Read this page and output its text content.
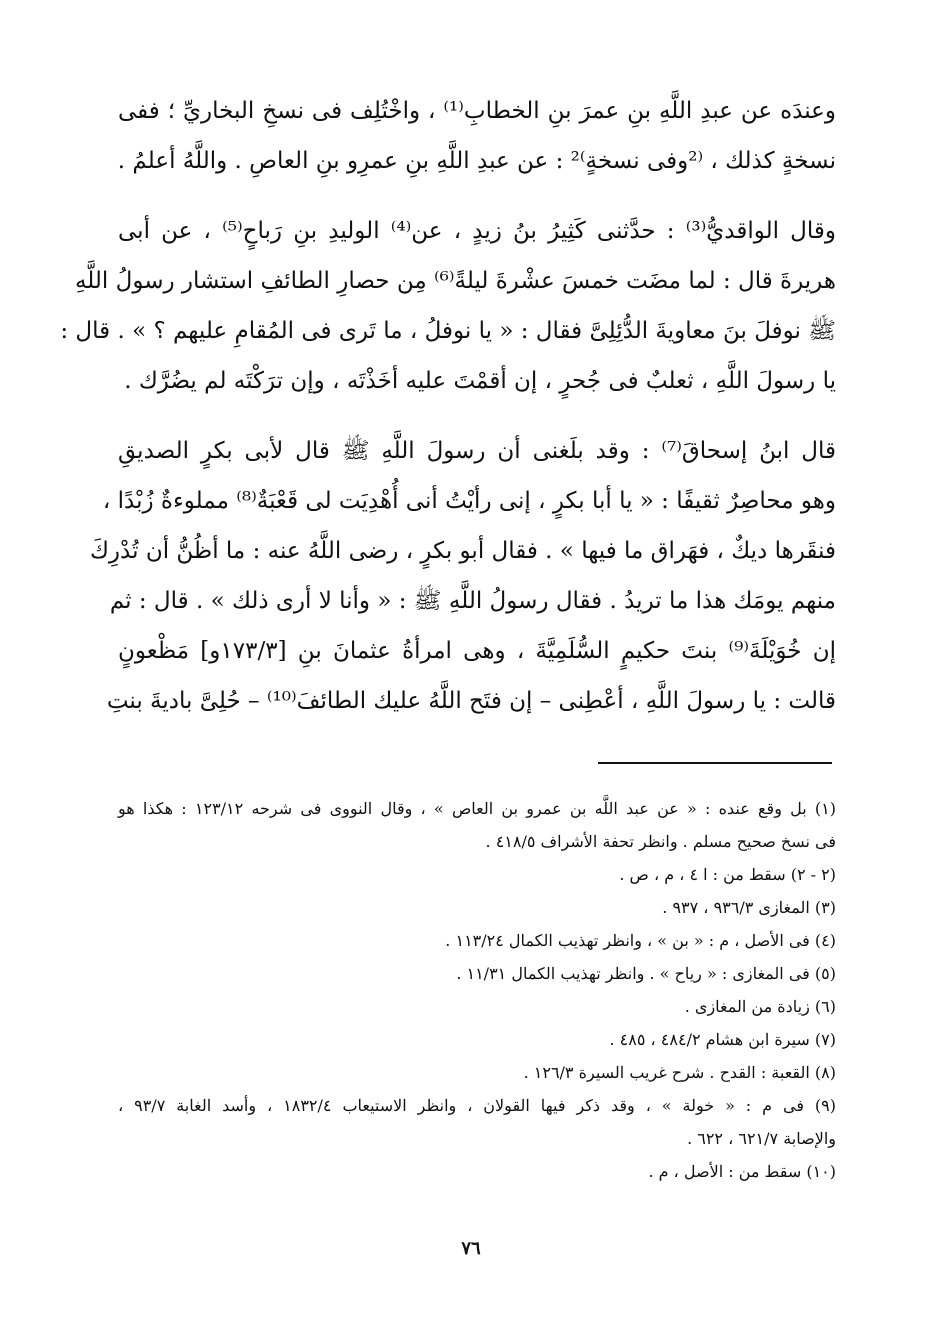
وعندَه عن عبدِ اللَّهِ بنِ عمرَ بنِ الخطابِ⁽¹⁾ ، واخْتُلِف فى نسخِ البخاريِّ ؛ ففى
نسخةٍ كذلك ، ⁽²وفى نسخةٍ⁾² : عن عبدِ اللَّهِ بنِ عمرِو بنِ العاصِ . واللَّهُ أعلمُ .
وقال الواقديُّ⁽³⁾ : حدَّثنى كَثِيرُ بنُ زيدٍ ، عن⁽⁴⁾ الوليدِ بنِ رَباحٍ⁽⁵⁾ ، عن أبى
هريرةَ قال : لما مضَت خمسَ عشْرةَ ليلةً⁽⁶⁾ مِن حصارِ الطائفِ استشار رسولُ اللَّهِ
ﷺ نوفلَ بنَ معاويةَ الدُّئِلِىَّ فقال : « يا نوفلُ ، ما تَرى فى المُقامِ عليهم ؟ » . قال :
يا رسولَ اللَّهِ ، ثعلبٌ فى جُحرٍ ، إن أقمْتَ عليه أخَذْتَه ، وإن ترَكْتَه لم يضُرَّك .
قال ابنُ إسحاقَ⁽⁷⁾ : وقد بلَغنى أن رسولَ اللَّهِ ﷺ قال لأبى بكرٍ الصديقِ
وهو محاصِرٌ ثقيفًا : « يا أبا بكرٍ ، إنى رأيْتُ أنى أُهْدِيَت لى قَعْبَةٌ⁽⁸⁾ مملوءةٌ زُبْدًا ،
فنقَرها ديكٌ ، فهَراق ما فيها » . فقال أبو بكرٍ ، رضى اللَّهُ عنه : ما أظُنُّ أن تُدْرِكَ
منهم يومَك هذا ما تريدُ . فقال رسولُ اللَّهِ ﷺ : « وأنا لا أرى ذلك » . قال : ثم
إن خُوَيْلَةَ⁽⁹⁾ بنتَ حكيمٍ السُّلَمِيَّةَ ، وهى امرأةُ عثمانَ بنِ [١٧٣/٣و] مَظْعونٍ
قالت : يا رسولَ اللَّهِ ، أعْطِنى – إن فتَح اللَّهُ عليك الطائفَ⁽¹⁰⁾ – حُلِىَّ باديةَ بنتِ
(١) بل وقع عنده : « عن عبد اللَّه بن عمرو بن العاص » ، وقال النووى فى شرحه ١٢٣/١٢ : هكذا هو
فى نسخ صحيح مسلم . وانظر تحفة الأشراف ٤١٨/٥ .
(٢ - ٢) سقط من : ا ٤ ، م ، ص .
(٣) المغازى ٩٣٦/٣ ، ٩٣٧ .
(٤) فى الأصل ، م : « بن » ، وانظر تهذيب الكمال ١١٣/٢٤ .
(٥) فى المغازى : « رياح » . وانظر تهذيب الكمال ١١/٣١ .
(٦) زيادة من المغازى .
(٧) سيرة ابن هشام ٤٨٤/٢ ، ٤٨٥ .
(٨) القعبة : القدح . شرح غريب السيرة ١٢٦/٣ .
(٩) فى م : « خولة » ، وقد ذكر فيها القولان ، وانظر الاستيعاب ١٨٣٢/٤ ، وأسد الغابة ٩٣/٧ ،
والإصابة ٦٢١/٧ ، ٦٢٢ .
(١٠) سقط من : الأصل ، م .
٧٦
